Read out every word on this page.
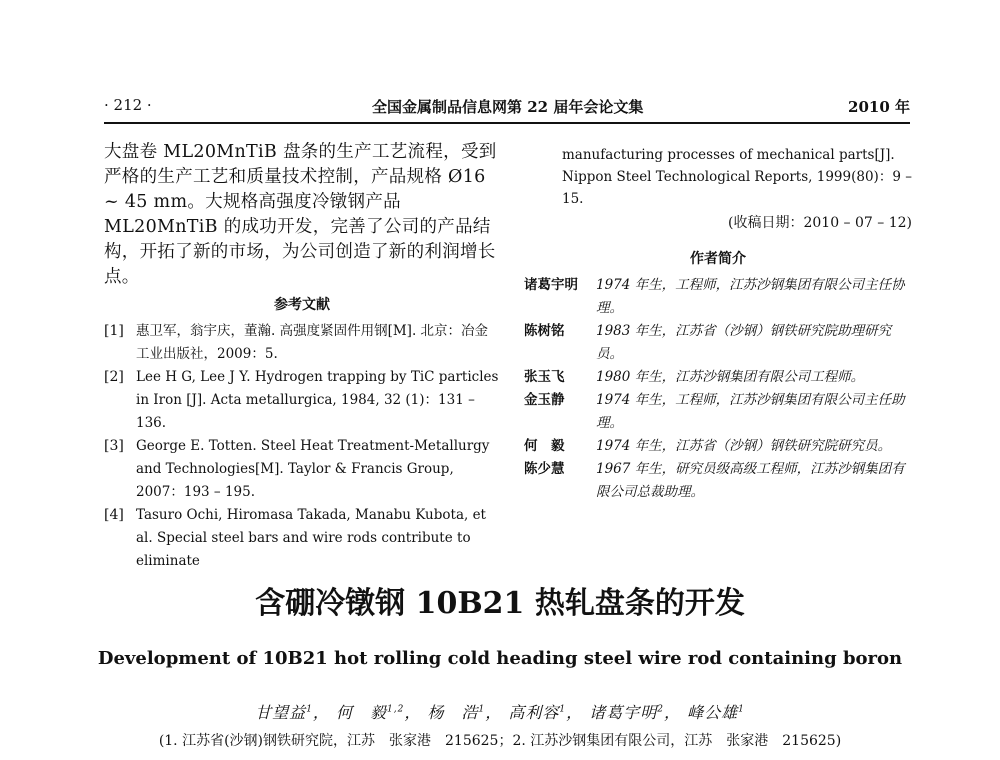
· 212 ·	全国金属制品信息网第 22 届年会论文集	2010 年

大盘卷 ML20MnTiB 盘条的生产工艺流程，受到严格的生产工艺和质量技术控制，产品规格 Ø16 ~ 45 mm。大规格高强度冷镦钢产品 ML20MnTiB 的成功开发，完善了公司的产品结构，开拓了新的市场，为公司创造了新的利润增长点。

参考文献
[1] 惠卫军，翁宇庆，董瀚. 高强度紧固件用钢[M]. 北京：冶金工业出版社，2009：5.
[2] Lee H G, Lee J Y. Hydrogen trapping by TiC particles in Iron [J]. Acta metallurgica, 1984, 32 (1)：131 – 136.
[3] George E. Totten. Steel Heat Treatment-Metallurgy and Technologies[M]. Taylor & Francis Group, 2007：193 – 195.
[4] Tasuro Ochi, Hiromasa Takada, Manabu Kubota, et al. Special steel bars and wire rods contribute to eliminate

manufacturing processes of mechanical parts[J]. Nippon Steel Technological Reports, 1999(80)：9 – 15.

(收稿日期：2010 – 07 – 12)

作者简介
诸葛宇明	1974 年生，工程师，江苏沙钢集团有限公司主任协理。
陈树铭	1983 年生，江苏省（沙钢）钢铁研究院助理研究员。
张玉飞	1980 年生，江苏沙钢集团有限公司工程师。
金玉静	1974 年生，工程师，江苏沙钢集团有限公司主任助理。
何　毅	1974 年生，江苏省（沙钢）钢铁研究院研究员。
陈少慧	1967 年生，研究员级高级工程师，江苏沙钢集团有限公司总裁助理。
含硼冷镦钢 10B21 热轧盘条的开发
Development of 10B21 hot rolling cold heading steel wire rod containing boron
甘望益$^1$， 何　毅$^{1,2}$， 杨　浩$^1$， 高利容$^1$， 诸葛宇明$^2$， 峰公雄$^1$
(1. 江苏省(沙钢)钢铁研究院，江苏　张家港　215625；2. 江苏沙钢集团有限公司，江苏　张家港　215625)
